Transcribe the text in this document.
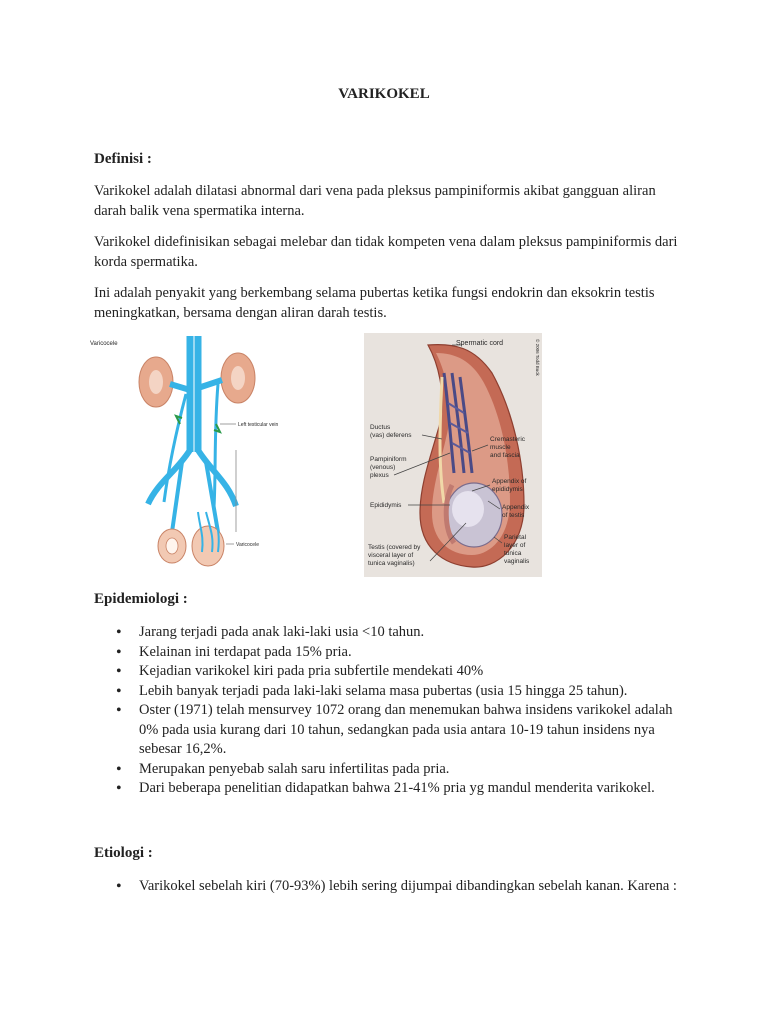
VARIKOKEL
Definisi :
Varikokel adalah dilatasi abnormal dari vena pada pleksus pampiniformis akibat gangguan aliran darah balik vena spermatika interna.
Varikokel didefinisikan sebagai melebar dan tidak kompeten vena dalam pleksus pampiniformis dari korda spermatika.
Ini adalah penyakit yang berkembang selama pubertas ketika fungsi endokrin dan eksokrin testis meningkatkan, bersama dengan aliran darah testis.
Varicocele
Left testicular vein
Varicocele
© 2006 Todd Buck
Spermatic cord
Ductus
(vas) deferens
Pampiniform
(venous)
plexus
Epididymis
Testis (covered by
visceral layer of
tunica vaginalis)
Cremasteric
muscle
and fascia
Appendix of
epididymis
Appendix
of testis
Parietal
layer of
tunica
vaginalis
Epidemiologi :
• Jarang terjadi pada anak laki-laki usia <10 tahun.
• Kelainan ini terdapat pada 15% pria.
• Kejadian varikokel kiri pada pria subfertile mendekati 40%
• Lebih banyak terjadi pada laki-laki selama masa pubertas (usia 15 hingga 25 tahun).
• Oster (1971) telah mensurvey 1072 orang dan menemukan bahwa insidens varikokel adalah 0% pada usia kurang dari 10 tahun, sedangkan pada usia antara 10-19 tahun insidens nya sebesar 16,2%.
• Merupakan penyebab salah saru infertilitas pada pria.
• Dari beberapa penelitian didapatkan bahwa 21-41% pria yg mandul menderita varikokel.
Etiologi :
• Varikokel sebelah kiri (70-93%) lebih sering dijumpai dibandingkan sebelah kanan. Karena :
